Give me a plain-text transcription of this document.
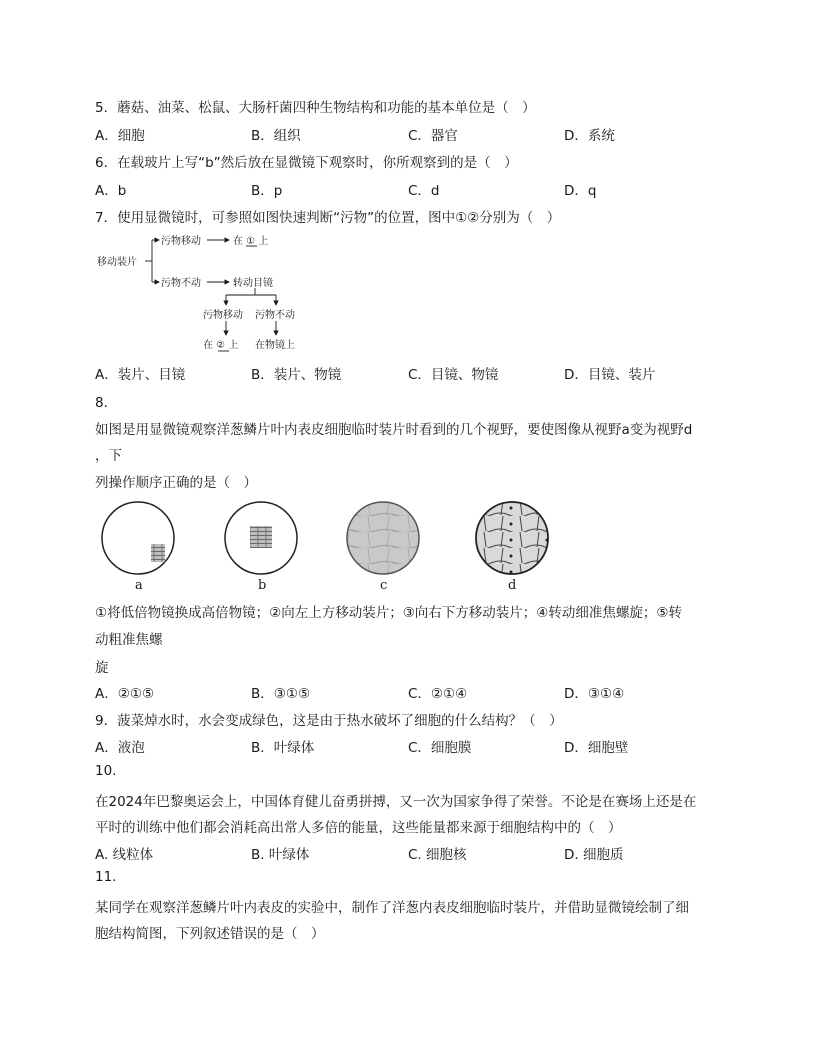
5．蘑菇、油菜、松鼠、大肠杆菌四种生物结构和功能的基本单位是（　）
A．细胞	B．组织	C．器官	D．系统
6．在载玻片上写“b”然后放在显微镜下观察时，你所观察到的是（　）
A．b	B．p	C．d	D．q
7．使用显微镜时，可参照如图快速判断“污物”的位置，图中①②分别为（　）
移动装片
污物移动	在 ① 上
污物不动	转动目镜
污物移动 污物不动
在 ② 上 在物镜上
A．装片、目镜	B．装片、物镜	C．目镜、物镜	D．目镜、装片
8．
如图是用显微镜观察洋葱鳞片叶内表皮细胞临时装片时看到的几个视野，要使图像从视野a变为视野d
，下
列操作顺序正确的是（　）
a	b	c	d
①将低倍物镜换成高倍物镜；②向左上方移动装片；③向右下方移动装片；④转动细准焦螺旋；⑤转
动粗准焦螺
旋
A．②①⑤	B．③①⑤	C．②①④	D．③①④
9．菠菜焯水时，水会变成绿色，这是由于热水破坏了细胞的什么结构？（　）
A．液泡	B．叶绿体	C．细胞膜	D．细胞壁
10.
在2024年巴黎奥运会上，中国体育健儿奋勇拼搏，又一次为国家争得了荣誉。不论是在赛场上还是在
平时的训练中他们都会消耗高出常人多倍的能量，这些能量都来源于细胞结构中的（　）
A. 线粒体	B. 叶绿体	C. 细胞核	D. 细胞质
11.
某同学在观察洋葱鳞片叶内表皮的实验中，制作了洋葱内表皮细胞临时装片，并借助显微镜绘制了细
胞结构简图，下列叙述错误的是（　）
